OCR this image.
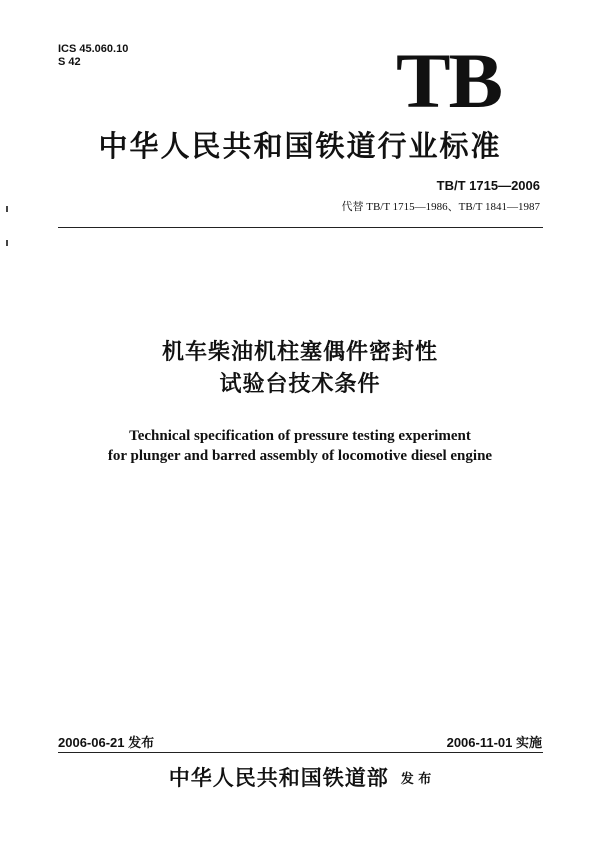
ICS 45.060.10
S 42	TB
中华人民共和国铁道行业标准
TB/T 1715—2006
代替 TB/T 1715—1986、TB/T 1841—1987
机车柴油机柱塞偶件密封性
试验台技术条件
Technical specification of pressure testing experiment
for plunger and barred assembly of locomotive diesel engine
2006-06-21 发布	2006-11-01 实施
中华人民共和国铁道部 发 布
